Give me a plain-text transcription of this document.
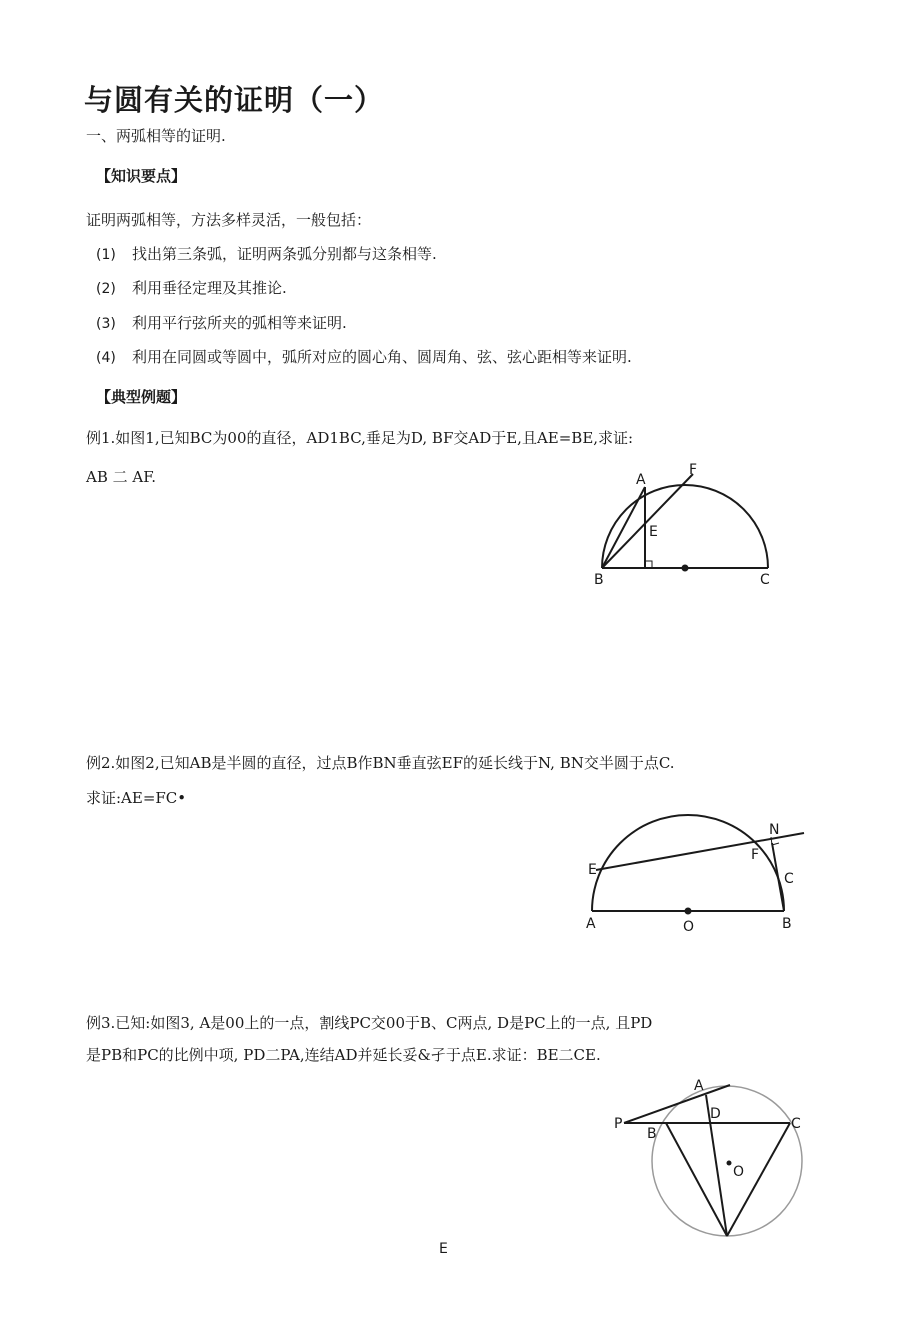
与圆有关的证明（一）
一、两弧相等的证明.
【知识要点】
证明两弧相等，方法多样灵活，一般包括：
(1) 找出第三条弧，证明两条弧分别都与这条相等.
(2) 利用垂径定理及其推论.
(3) 利用平行弦所夹的弧相等来证明.
(4) 利用在同圆或等圆中，弧所对应的圆心角、圆周角、弦、弦心距相等来证明.
【典型例题】
例1.如图1,已知BC为00的直径，AD1BC,垂足为D, BF交AD于E,且AE=BE,求证:
AB 二 AF.	A
F
E
B	C
例2.如图2,已知AB是半圆的直径，过点B作BN垂直弦EF的延长线于N, BN交半圆于点C.
求证:AE=FC•
N
E
F
C
A	O	B
例3.已知:如图3, A是00上的一点，割线PC交00于B、C两点, D是PC上的一点, 且PD
是PB和PC的比例中项, PD二PA,连结AD并延长妥&孑于点E.求证：BE二CE.
A
P
B
D
C
O
E
